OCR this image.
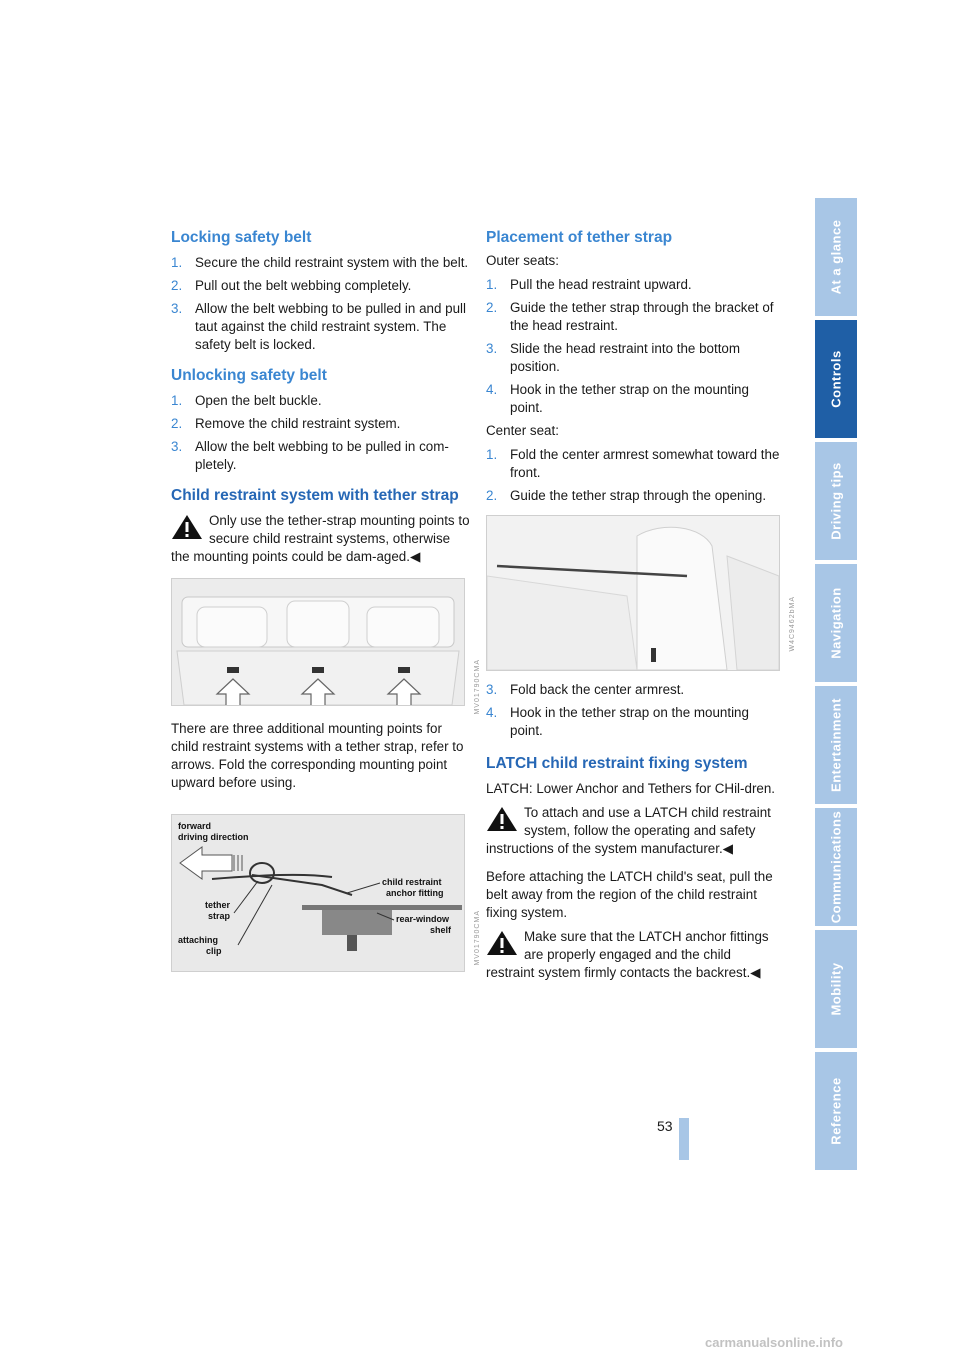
Locking safety belt
1. Secure the child restraint system with the belt.
2. Pull out the belt webbing completely.
3. Allow the belt webbing to be pulled in and pull taut against the child restraint system. The safety belt is locked.
Unlocking safety belt
1. Open the belt buckle.
2. Remove the child restraint system.
3. Allow the belt webbing to be pulled in com-pletely.
Child restraint system with tether strap
Only use the tether-strap mounting points to secure child restraint systems, otherwise the mounting points could be dam-aged.◀
MV01790CMA

There are three additional mounting points for child restraint systems with a tether strap, refer to arrows. Fold the corresponding mounting point upward before using.

forward
driving direction
tether
strap
attaching
clip
child restraint
anchor fitting
rear-window
shelf	MV01790CMA
Placement of tether strap

Outer seats:

1. Pull the head restraint upward.
2. Guide the tether strap through the bracket of the head restraint.
3. Slide the head restraint into the bottom position.
4. Hook in the tether strap on the mounting point.

Center seat:

1. Fold the center armrest somewhat toward the front.
2. Guide the tether strap through the opening.
W4C9462bMA
3. Fold back the center armrest.
4. Hook in the tether strap on the mounting point.
LATCH child restraint fixing system

LATCH: Lower Anchor and Tethers for CHil-dren.

To attach and use a LATCH child restraint system, follow the operating and safety instructions of the system manufacturer.◀

Before attaching the LATCH child's seat, pull the belt away from the region of the child restraint fixing system.

Make sure that the LATCH anchor fittings are properly engaged and the child restraint system firmly contacts the backrest.◀
At a glance
Controls
Driving tips
Navigation
Entertainment
Communications
Mobility
Reference
53
carmanualsonline.info
